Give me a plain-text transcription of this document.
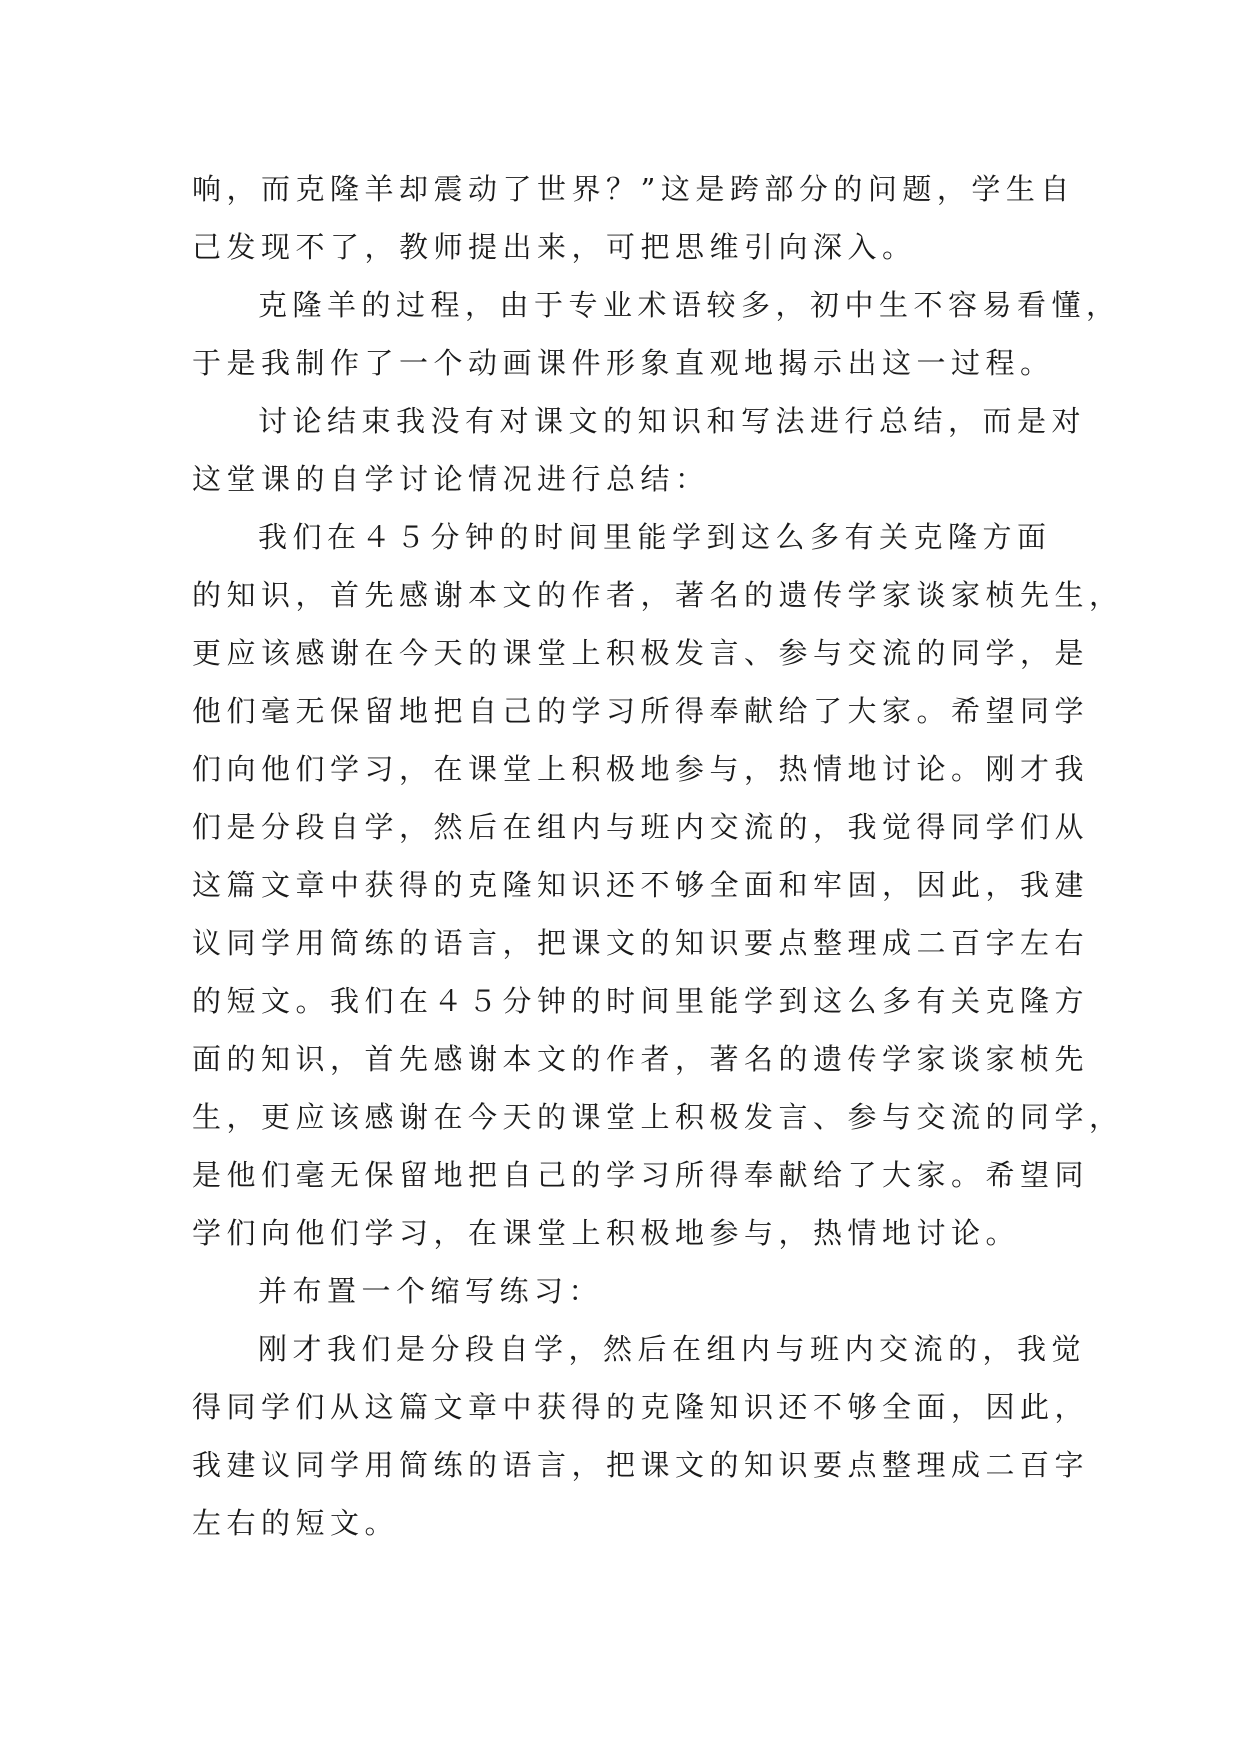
响，而克隆羊却震动了世界？”这是跨部分的问题，学生自
己发现不了，教师提出来，可把思维引向深入。
克隆羊的过程，由于专业术语较多，初中生不容易看懂，
于是我制作了一个动画课件形象直观地揭示出这一过程。
讨论结束我没有对课文的知识和写法进行总结，而是对
这堂课的自学讨论情况进行总结：
我们在４５分钟的时间里能学到这么多有关克隆方面
的知识，首先感谢本文的作者，著名的遗传学家谈家桢先生，
更应该感谢在今天的课堂上积极发言、参与交流的同学，是
他们毫无保留地把自己的学习所得奉献给了大家。希望同学
们向他们学习，在课堂上积极地参与，热情地讨论。刚才我
们是分段自学，然后在组内与班内交流的，我觉得同学们从
这篇文章中获得的克隆知识还不够全面和牢固，因此，我建
议同学用简练的语言，把课文的知识要点整理成二百字左右
的短文。我们在４５分钟的时间里能学到这么多有关克隆方
面的知识，首先感谢本文的作者，著名的遗传学家谈家桢先
生，更应该感谢在今天的课堂上积极发言、参与交流的同学，
是他们毫无保留地把自己的学习所得奉献给了大家。希望同
学们向他们学习，在课堂上积极地参与，热情地讨论。
并布置一个缩写练习：
刚才我们是分段自学，然后在组内与班内交流的，我觉
得同学们从这篇文章中获得的克隆知识还不够全面，因此，
我建议同学用简练的语言，把课文的知识要点整理成二百字
左右的短文。
